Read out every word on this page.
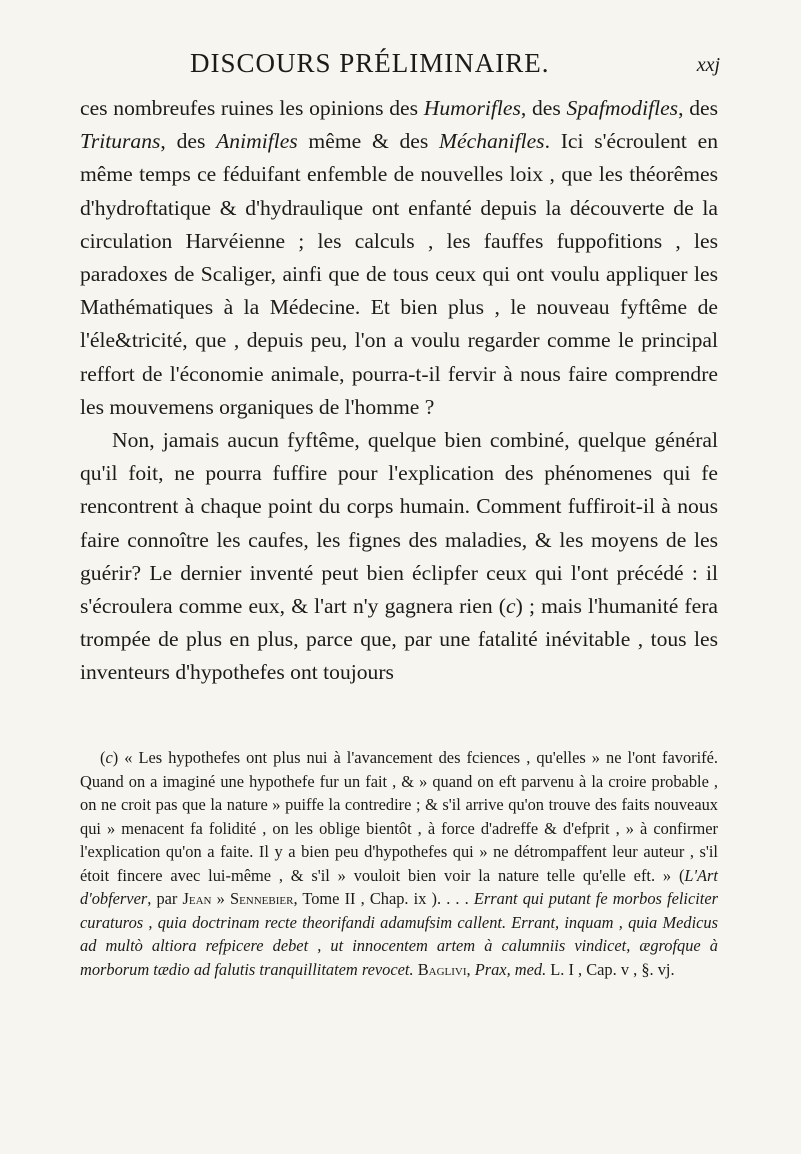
DISCOURS PRÉLIMINAIRE.	xxj

ces nombreufes ruines les opinions des Humorifles, des Spafmodifles, des Triturans, des Animifles même & des Méchanifles. Ici s'écroulent en même temps ce féduifant enfemble de nouvelles loix , que les théorêmes d'hydroftatique & d'hydraulique ont enfanté depuis la découverte de la circulation Harvéienne ; les calculs , les fauffes fuppofitions , les paradoxes de Scaliger, ainfi que de tous ceux qui ont voulu appliquer les Mathématiques à la Médecine. Et bien plus , le nouveau fyftême de l'éle&tricité, que , depuis peu, l'on a voulu regarder comme le principal reffort de l'économie animale, pourra-t-il fervir à nous faire comprendre les mouvemens organiques de l'homme ?

Non, jamais aucun fyftême, quelque bien combiné, quelque général qu'il foit, ne pourra fuffire pour l'explication des phénomenes qui fe rencontrent à chaque point du corps humain. Comment fuffiroit-il à nous faire connoître les caufes, les fignes des maladies, & les moyens de les guérir? Le dernier inventé peut bien éclipfer ceux qui l'ont précédé : il s'écroulera comme eux, & l'art n'y gagnera rien (c) ; mais l'humanité fera trompée de plus en plus, parce que, par une fatalité inévitable , tous les inventeurs d'hypothefes ont toujours

(c) « Les hypothefes ont plus nui à l'avancement des fciences , qu'elles » ne l'ont favorifé. Quand on a imaginé une hypothefe fur un fait , & » quand on eft parvenu à la croire probable , on ne croit pas que la nature » puiffe la contredire ; & s'il arrive qu'on trouve des faits nouveaux qui » menacent fa folidité , on les oblige bientôt , à force d'adreffe & d'efprit , » à confirmer l'explication qu'on a faite. Il y a bien peu d'hypothefes qui » ne détrompaffent leur auteur , s'il étoit fincere avec lui-même , & s'il » vouloit bien voir la nature telle qu'elle eft. » (L'Art d'obferver, par Jean » Sennebier, Tome II , Chap. ix ). . . . Errant qui putant fe morbos feliciter curaturos , quia doctrinam recte theorifandi adamufsim callent. Errant, inquam , quia Medicus ad multò altiora refpicere debet , ut innocentem artem à calumniis vindicet, ægrofque à morborum tædio ad falutis tranquillitatem revocet. Baglivi, Prax, med. L. I , Cap. v , §. vj.
